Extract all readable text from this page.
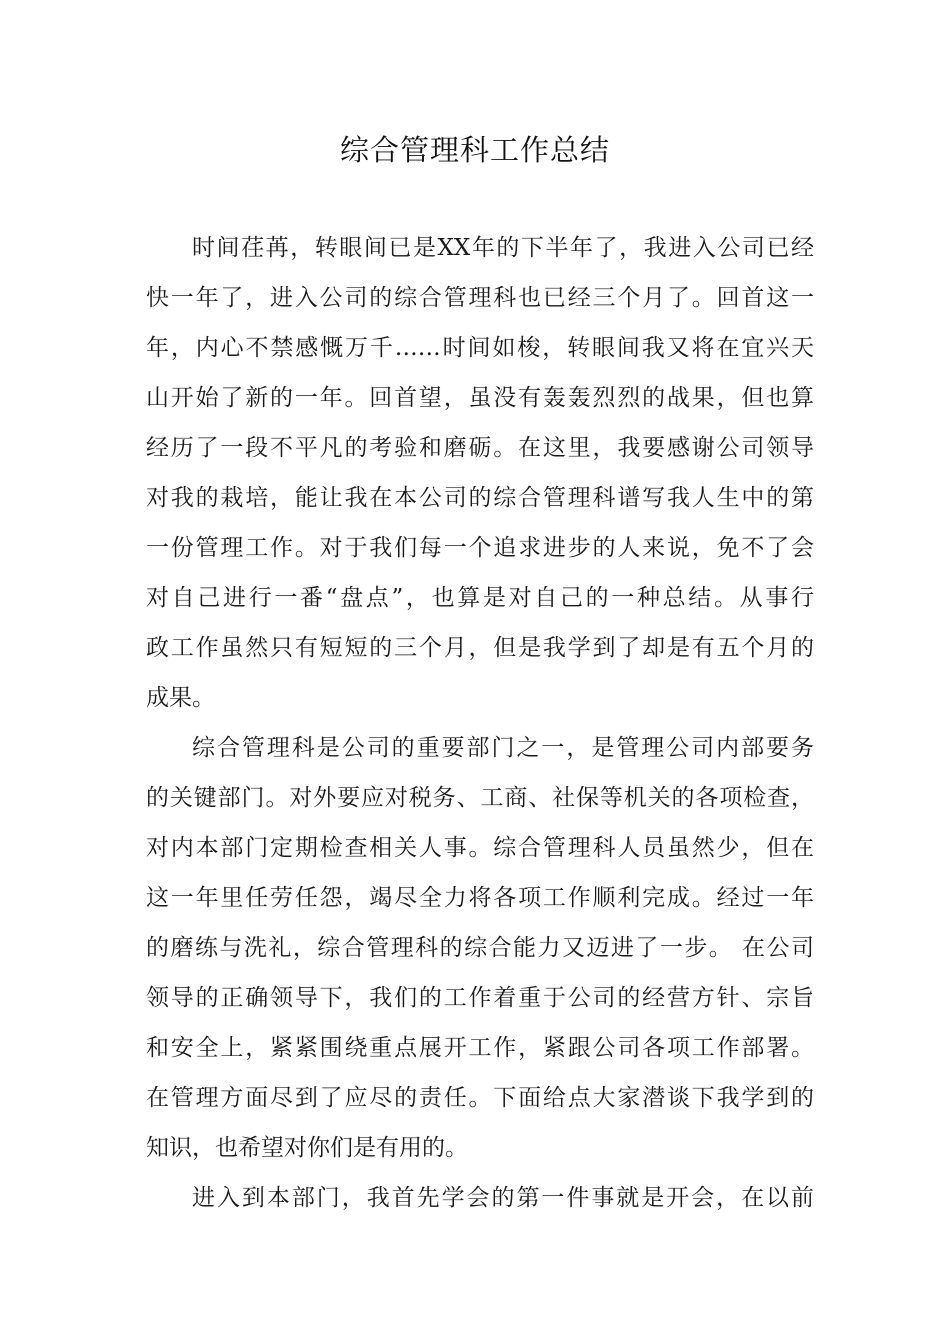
综合管理科工作总结
时间荏苒，转眼间已是XX年的下半年了，我进入公司已经
快一年了，进入公司的综合管理科也已经三个月了。回首这一
年，内心不禁感慨万千……时间如梭，转眼间我又将在宜兴天
山开始了新的一年。回首望，虽没有轰轰烈烈的战果，但也算
经历了一段不平凡的考验和磨砺。在这里，我要感谢公司领导
对我的栽培，能让我在本公司的综合管理科谱写我人生中的第
一份管理工作。对于我们每一个追求进步的人来说，免不了会
对自己进行一番“盘点”，也算是对自己的一种总结。从事行
政工作虽然只有短短的三个月，但是我学到了却是有五个月的
成果。
综合管理科是公司的重要部门之一，是管理公司内部要务
的关键部门。对外要应对税务、工商、社保等机关的各项检查，
对内本部门定期检查相关人事。综合管理科人员虽然少，但在
这一年里任劳任怨，竭尽全力将各项工作顺利完成。经过一年
的磨练与洗礼，综合管理科的综合能力又迈进了一步。 在公司
领导的正确领导下，我们的工作着重于公司的经营方针、宗旨
和安全上，紧紧围绕重点展开工作，紧跟公司各项工作部署。
在管理方面尽到了应尽的责任。下面给点大家潜谈下我学到的
知识，也希望对你们是有用的。
进入到本部门，我首先学会的第一件事就是开会，在以前
